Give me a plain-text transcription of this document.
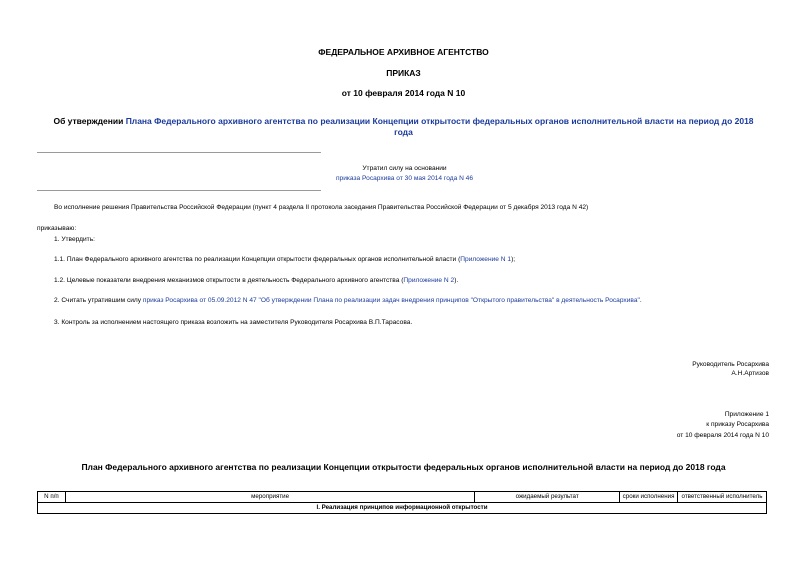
ФЕДЕРАЛЬНОЕ АРХИВНОЕ АГЕНТСТВО
ПРИКАЗ
от 10 февраля 2014 года N 10
Об утверждении Плана Федерального архивного агентства по реализации Концепции открытости федеральных органов исполнительной власти на период до 2018 года
Утратил силу на основании
приказа Росархива от 30 мая 2014 года N 46
Во исполнение решения Правительства Российской Федерации (пункт 4 раздела II протокола заседания Правительства Российской Федерации от 5 декабря 2013 года N 42)
приказываю:
1. Утвердить:
1.1. План Федерального архивного агентства по реализации Концепции открытости федеральных органов исполнительной власти (Приложение N 1);
1.2. Целевые показатели внедрения механизмов открытости в деятельность Федерального архивного агентства (Приложение N 2).
2. Считать утратившим силу приказ Росархива от 05.09.2012 N 47 "Об утверждении Плана по реализации задач внедрения принципов "Открытого правительства" в деятельность Росархива".
3. Контроль за исполнением настоящего приказа возложить на заместителя Руководителя Росархива В.П.Тарасова.
Руководитель Росархива
А.Н.Артизов
Приложение 1
к приказу Росархива
от 10 февраля 2014 года N 10
План Федерального архивного агентства по реализации Концепции открытости федеральных органов исполнительной власти на период до 2018 года
N п/п	мероприятие	ожидаемый результат	сроки исполнения	ответственный исполнитель
I. Реализация принципов информационной открытости
